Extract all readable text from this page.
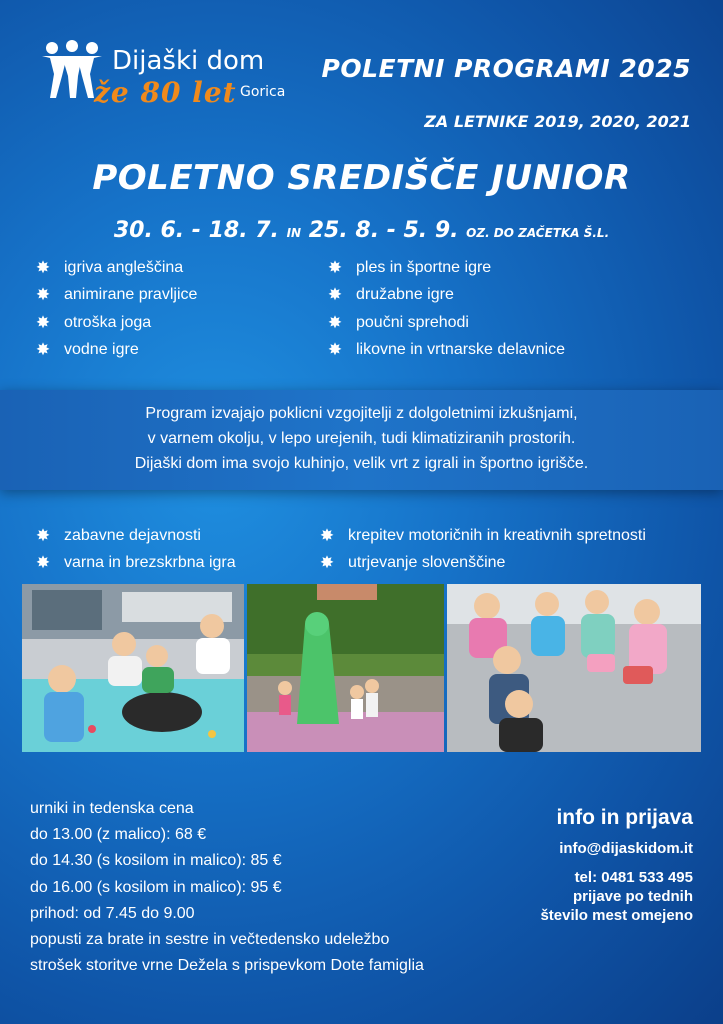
Dijaški dom
že 80 let Gorica
POLETNI PROGRAMI 2025
ZA LETNIKE 2019, 2020, 2021
POLETNO SREDIŠČE JUNIOR
30. 6. - 18. 7. IN 25. 8. - 5. 9. OZ. DO ZAČETKA Š.L.
✸ igriva angleščina
✸ animirane pravljice
✸ otroška joga
✸ vodne igre
✸ ples in športne igre
✸ družabne igre
✸ poučni sprehodi
✸ likovne in vrtnarske delavnice
Program izvajajo poklicni vzgojitelji z dolgoletnimi izkušnjami,
v varnem okolju, v lepo urejenih, tudi klimatiziranih prostorih.
Dijaški dom ima svojo kuhinjo, velik vrt z igrali in športno igrišče.
✸ zabavne dejavnosti
✸ varna in brezskrbna igra
✸ krepitev motoričnih in kreativnih spretnosti
✸ utrjevanje slovenščine
urniki in tedenska cena
do 13.00 (z malico): 68 €
do 14.30 (s kosilom in malico): 85 €
do 16.00 (s kosilom in malico): 95 €
prihod: od 7.45 do 9.00
popusti za brate in sestre in večtedensko udeležbo
strošek storitve vrne Dežela s prispevkom Dote famiglia
info in prijava
info@dijaskidom.it
tel: 0481 533 495
prijave po tednih
število mest omejeno
